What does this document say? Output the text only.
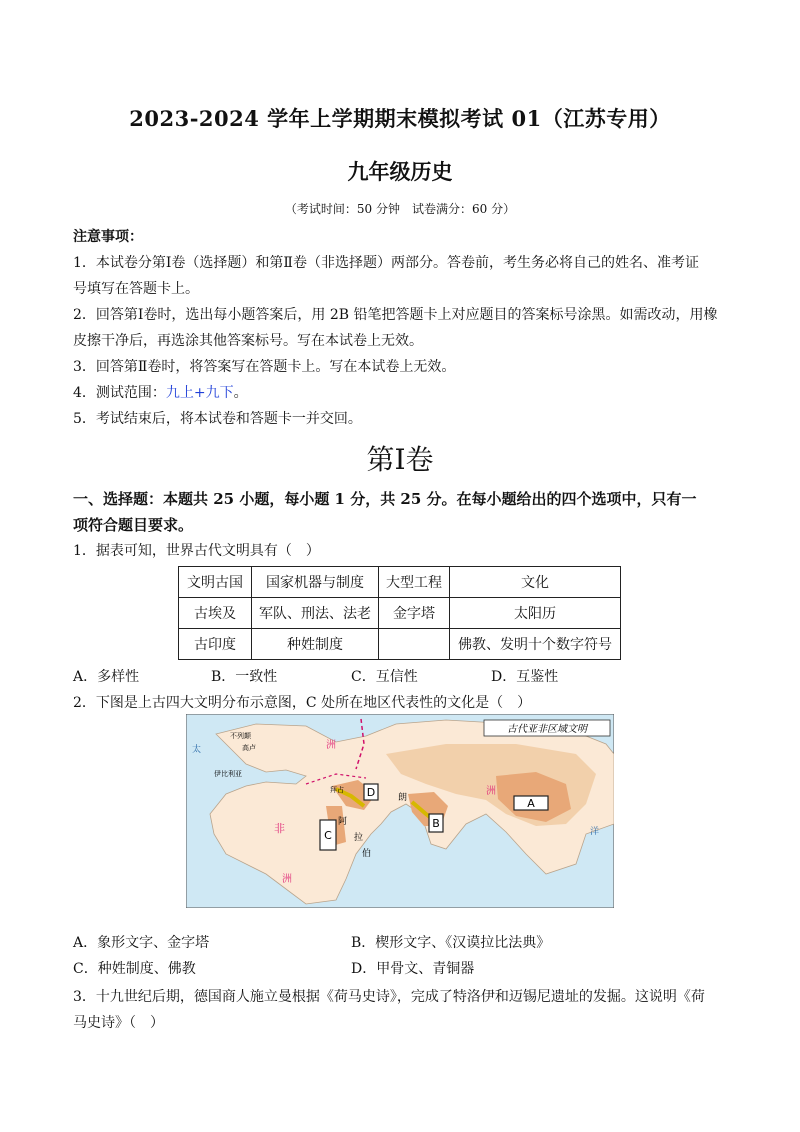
2023-2024 学年上学期期末模拟考试 01（江苏专用）
九年级历史
（考试时间：50 分钟　试卷满分：60 分）
注意事项：
1．本试卷分第Ⅰ卷（选择题）和第Ⅱ卷（非选择题）两部分。答卷前，考生务必将自己的姓名、准考证
号填写在答题卡上。
2．回答第Ⅰ卷时，选出每小题答案后，用 2B 铅笔把答题卡上对应题目的答案标号涂黑。如需改动，用橡
皮擦干净后，再选涂其他答案标号。写在本试卷上无效。
3．回答第Ⅱ卷时，将答案写在答题卡上。写在本试卷上无效。
4．测试范围：九上+九下。
5．考试结束后，将本试卷和答题卡一并交回。
第Ⅰ卷
一、选择题：本题共 25 小题，每小题 1 分，共 25 分。在每小题给出的四个选项中，只有一
项符合题目要求。
1．据表可知，世界古代文明具有（　）
文明古国	国家机器与制度	大型工程	文化
古埃及	军队、刑法、法老	金字塔	太阳历
古印度	种姓制度		佛教、发明十个数字符号
A．多样性	B．一致性	C．互信性	D．互鉴性
2．下图是上古四大文明分布示意图，C 处所在地区代表性的文化是（　）
古代亚非区域文明
A
B
C
D
非
洲
洲
洲
阿
拉
伯
朗
拜占
伊比利亚
不列颠
高卢
太
洋
A．象形文字、金字塔	B．楔形文字、《汉谟拉比法典》
C．种姓制度、佛教	D．甲骨文、青铜器
3．十九世纪后期，德国商人施立曼根据《荷马史诗》，完成了特洛伊和迈锡尼遗址的发掘。这说明《荷
马史诗》（　）
